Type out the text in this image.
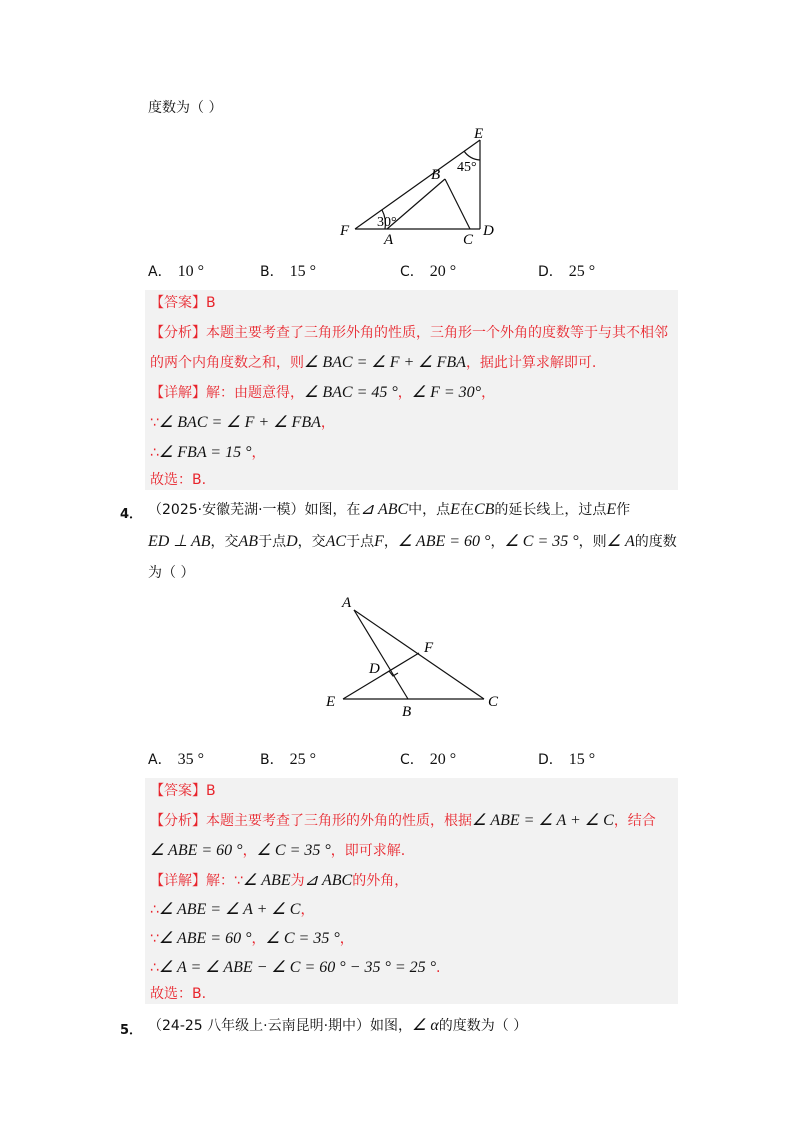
度数为（ ）
E
45°
B
30°
F
A	C
D
A． 10 °	B． 15 °	C． 20 °	D． 25 °
【答案】B
【分析】本题主要考查了三角形外角的性质，三角形一个外角的度数等于与其不相邻
的两个内角度数之和，则∠ BAC = ∠ F + ∠ FBA，据此计算求解即可.
【详解】解：由题意得，∠ BAC = 45 °，∠ F = 30°，
∵∠ BAC = ∠ F + ∠ FBA，
∴∠ FBA = 15 °，
故选：B.
4． （2025·安徽芜湖·一模）如图，在⊿ ABC中，点E在CB的延长线上，过点E作
ED ⊥ AB，交AB于点D，交AC于点F，∠ ABE = 60 °，∠ C = 35 °，则∠ A的度数
为（ ）
A
F
D
E
B
C
A． 35 °	B． 25 °	C． 20 °	D． 15 °
【答案】B
【分析】本题主要考查了三角形的外角的性质，根据∠ ABE = ∠ A + ∠ C，结合
∠ ABE = 60 °，∠ C = 35 °，即可求解.
【详解】解：∵∠ ABE为⊿ ABC的外角，
∴∠ ABE = ∠ A + ∠ C，
∵∠ ABE = 60 °，∠ C = 35 °，
∴∠ A = ∠ ABE − ∠ C = 60 ° − 35 ° = 25 °.
故选：B.
5． （24-25 八年级上·云南昆明·期中）如图，∠ α的度数为（ ）
